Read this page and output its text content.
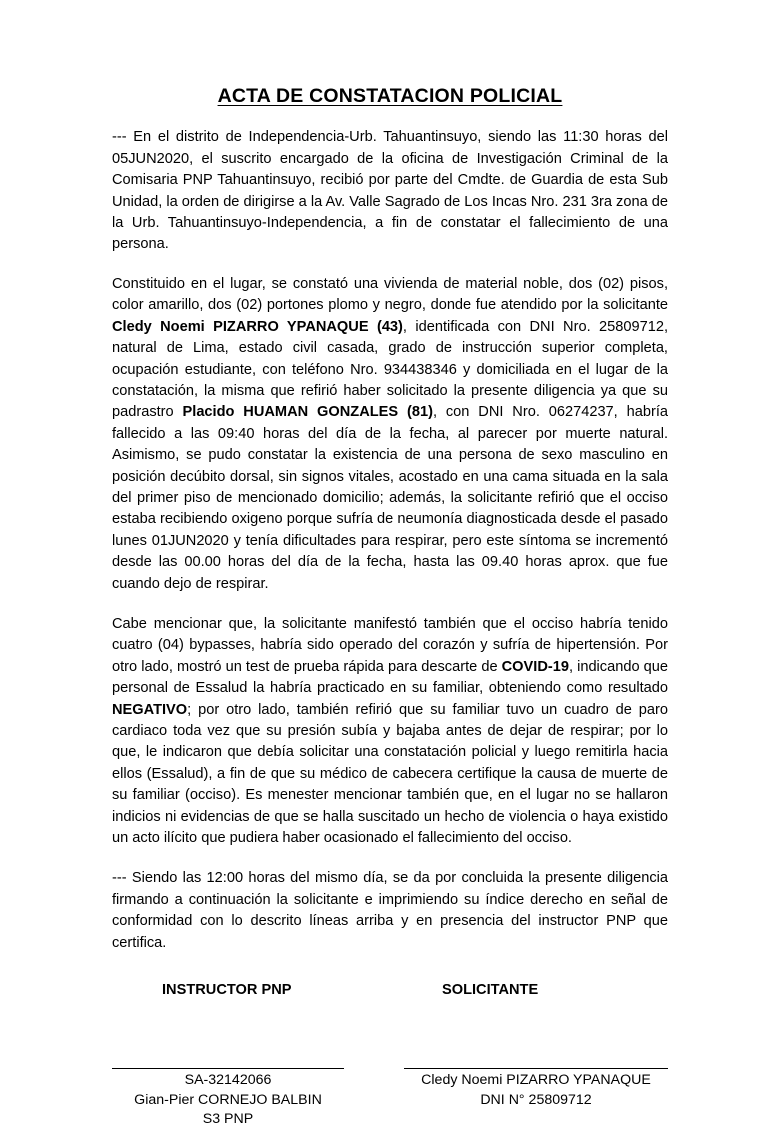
ACTA DE CONSTATACION POLICIAL

--- En el distrito de Independencia-Urb. Tahuantinsuyo, siendo las 11:30 horas del 05JUN2020, el suscrito encargado de la oficina de Investigación Criminal de la Comisaria PNP Tahuantinsuyo, recibió por parte del Cmdte. de Guardia de esta Sub Unidad, la orden de dirigirse a la Av. Valle Sagrado de Los Incas Nro. 231 3ra zona de la Urb. Tahuantinsuyo-Independencia, a fin de constatar el fallecimiento de una persona.

Constituido en el lugar, se constató una vivienda de material noble, dos (02) pisos, color amarillo, dos (02) portones plomo y negro, donde fue atendido por la solicitante Cledy Noemi PIZARRO YPANAQUE (43), identificada con DNI Nro. 25809712, natural de Lima, estado civil casada, grado de instrucción superior completa, ocupación estudiante, con teléfono Nro. 934438346 y domiciliada en el lugar de la constatación, la misma que refirió haber solicitado la presente diligencia ya que su padrastro Placido HUAMAN GONZALES (81), con DNI Nro. 06274237, habría fallecido a las 09:40 horas del día de la fecha, al parecer por muerte natural. Asimismo, se pudo constatar la existencia de una persona de sexo masculino en posición decúbito dorsal, sin signos vitales, acostado en una cama situada en la sala del primer piso de mencionado domicilio; además, la solicitante refirió que el occiso estaba recibiendo oxigeno porque sufría de neumonía diagnosticada desde el pasado lunes 01JUN2020 y tenía dificultades para respirar, pero este síntoma se incrementó desde las 00.00 horas del día de la fecha, hasta las 09.40 horas aprox. que fue cuando dejo de respirar.

Cabe mencionar que, la solicitante manifestó también que el occiso habría tenido cuatro (04) bypasses, habría sido operado del corazón y sufría de hipertensión. Por otro lado, mostró un test de prueba rápida para descarte de COVID-19, indicando que personal de Essalud la habría practicado en su familiar, obteniendo como resultado NEGATIVO; por otro lado, también refirió que su familiar tuvo un cuadro de paro cardiaco toda vez que su presión subía y bajaba antes de dejar de respirar; por lo que, le indicaron que debía solicitar una constatación policial y luego remitirla hacia ellos (Essalud), a fin de que su médico de cabecera certifique la causa de muerte de su familiar (occiso). Es menester mencionar también que, en el lugar no se hallaron indicios ni evidencias de que se halla suscitado un hecho de violencia o haya existido un acto ilícito que pudiera haber ocasionado el fallecimiento del occiso.

--- Siendo las 12:00 horas del mismo día, se da por concluida la presente diligencia firmando a continuación la solicitante e imprimiendo su índice derecho en señal de conformidad con lo descrito líneas arriba y en presencia del instructor PNP que certifica.

INSTRUCTOR PNP	SOLICITANTE
SA-32142066
Gian-Pier CORNEJO BALBIN
S3 PNP
Cledy Noemi PIZARRO YPANAQUE
DNI N° 25809712
